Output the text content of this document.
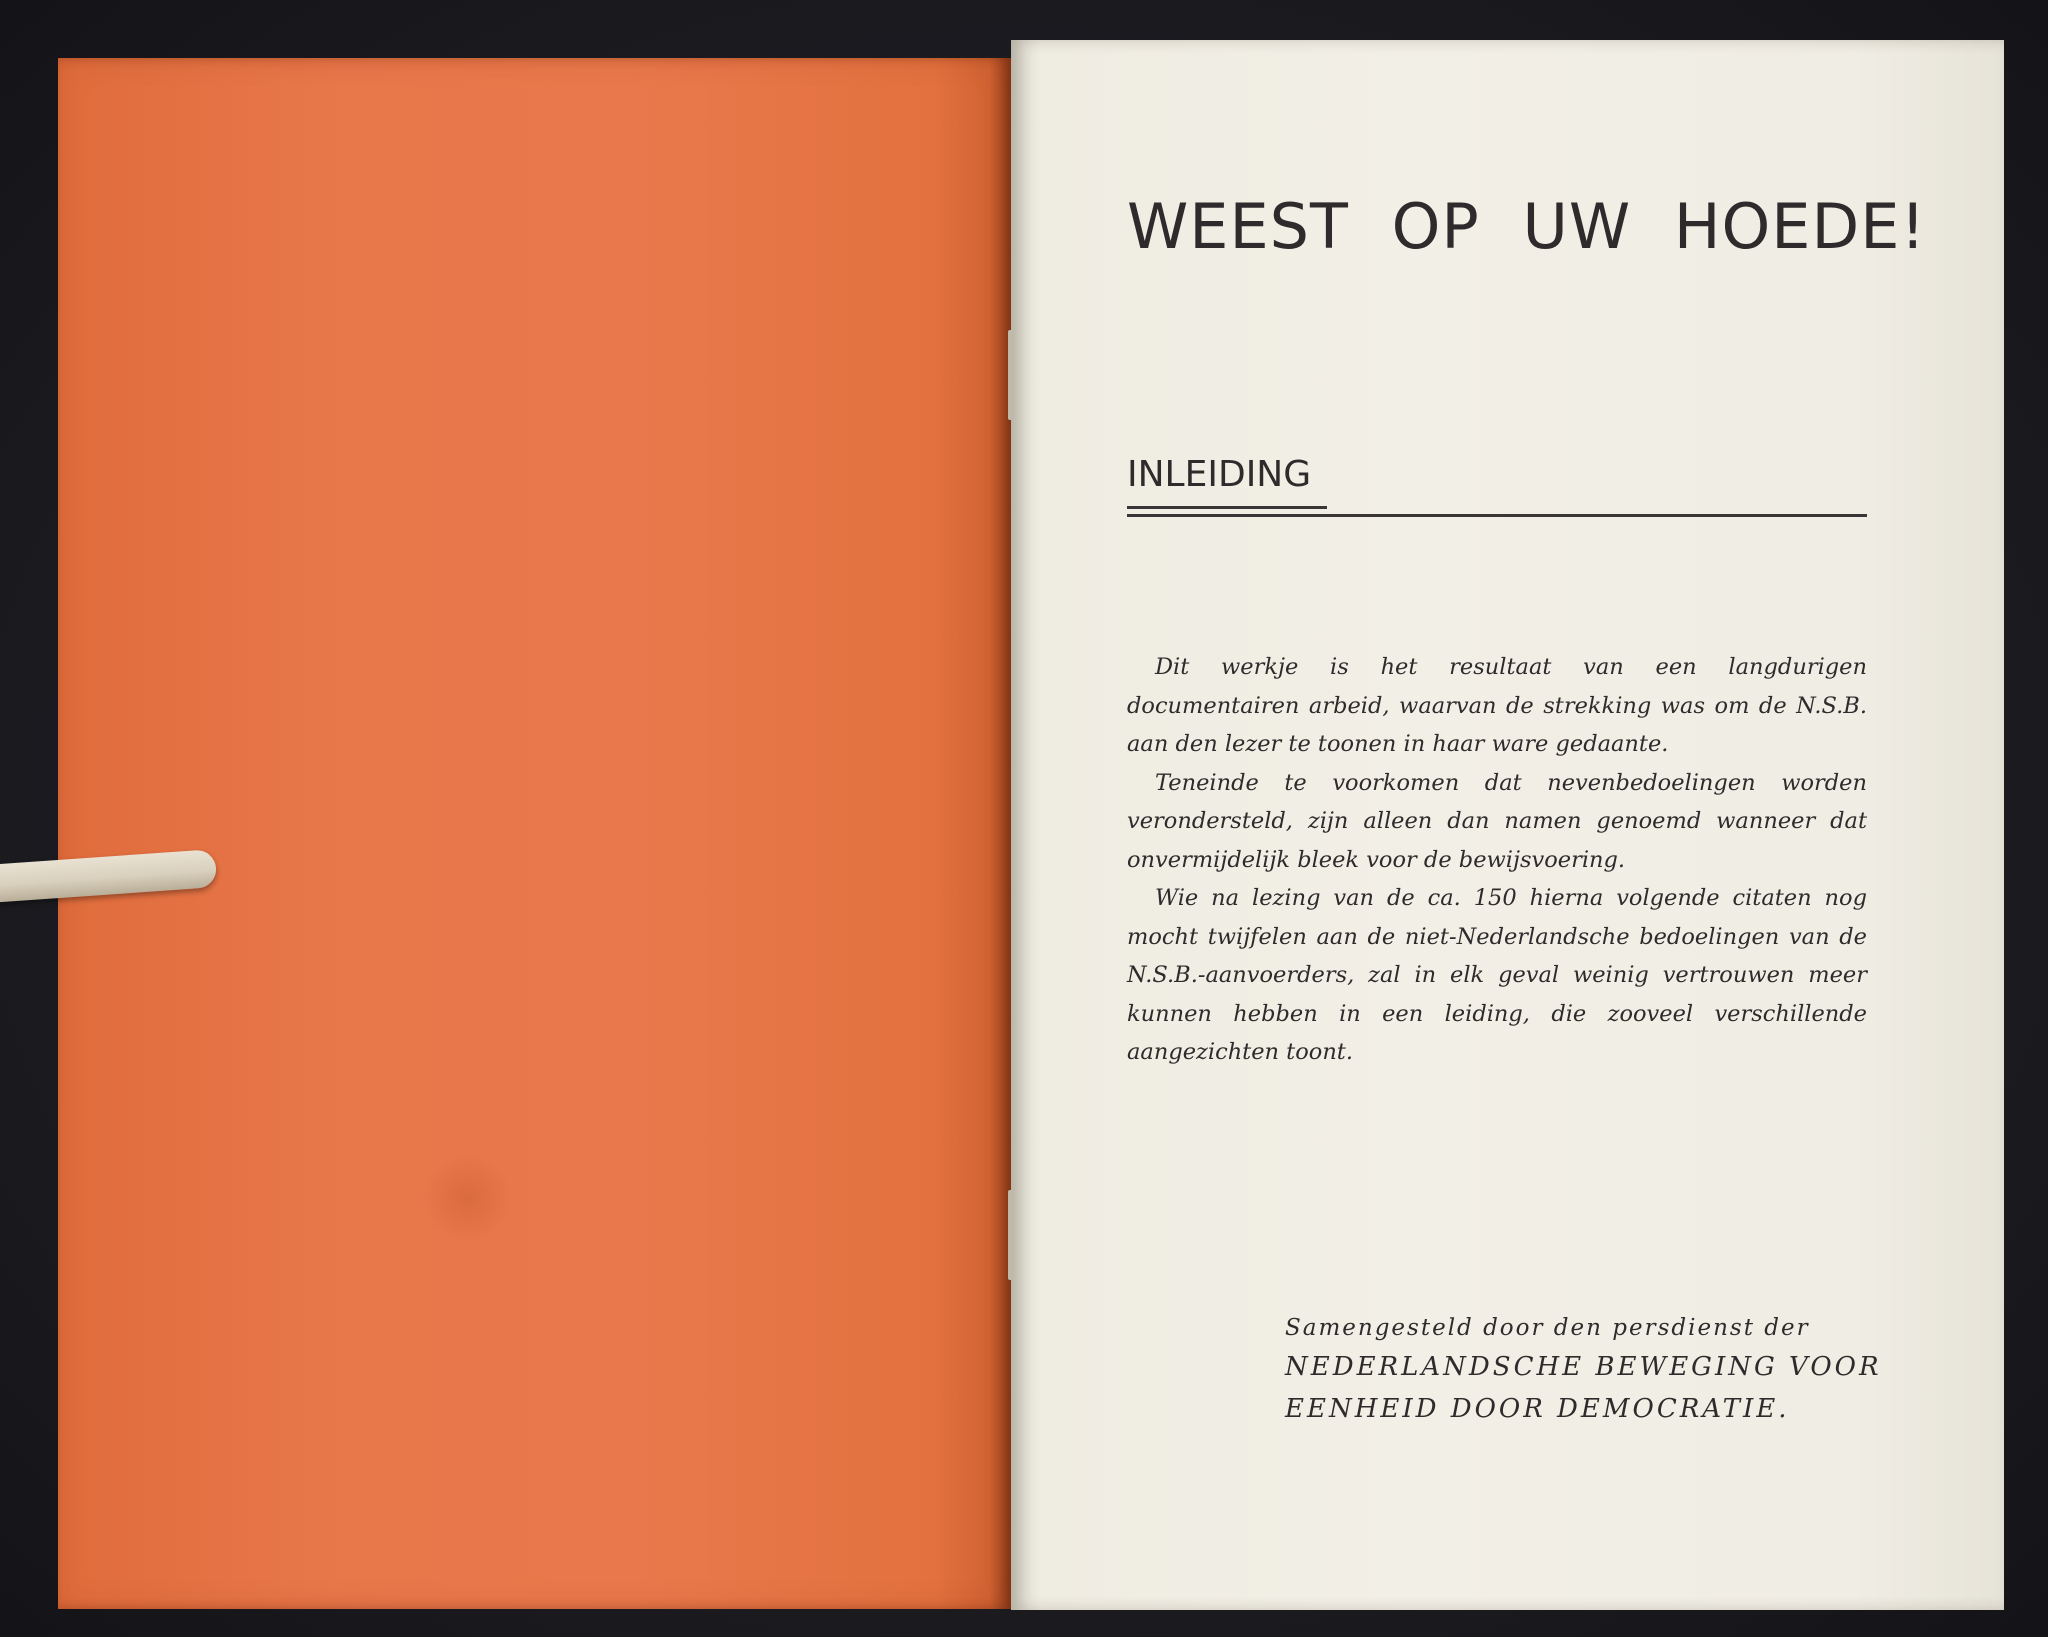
WEEST OP UW HOEDE!
INLEIDING

Dit werkje is het resultaat van een langdurigen documentairen arbeid, waarvan de strekking was om de N.S.B. aan den lezer te toonen in haar ware gedaante.

Teneinde te voorkomen dat nevenbedoelingen worden verondersteld, zijn alleen dan namen genoemd wanneer dat onvermijdelijk bleek voor de bewijsvoering.

Wie na lezing van de ca. 150 hierna volgende citaten nog mocht twijfelen aan de niet-Nederlandsche bedoelingen van de N.S.B.-aanvoerders, zal in elk geval weinig vertrouwen meer kunnen hebben in een leiding, die zooveel verschillende aangezichten toont.

Samengesteld door den persdienst der
NEDERLANDSCHE BEWEGING VOOR
EENHEID DOOR DEMOCRATIE.
